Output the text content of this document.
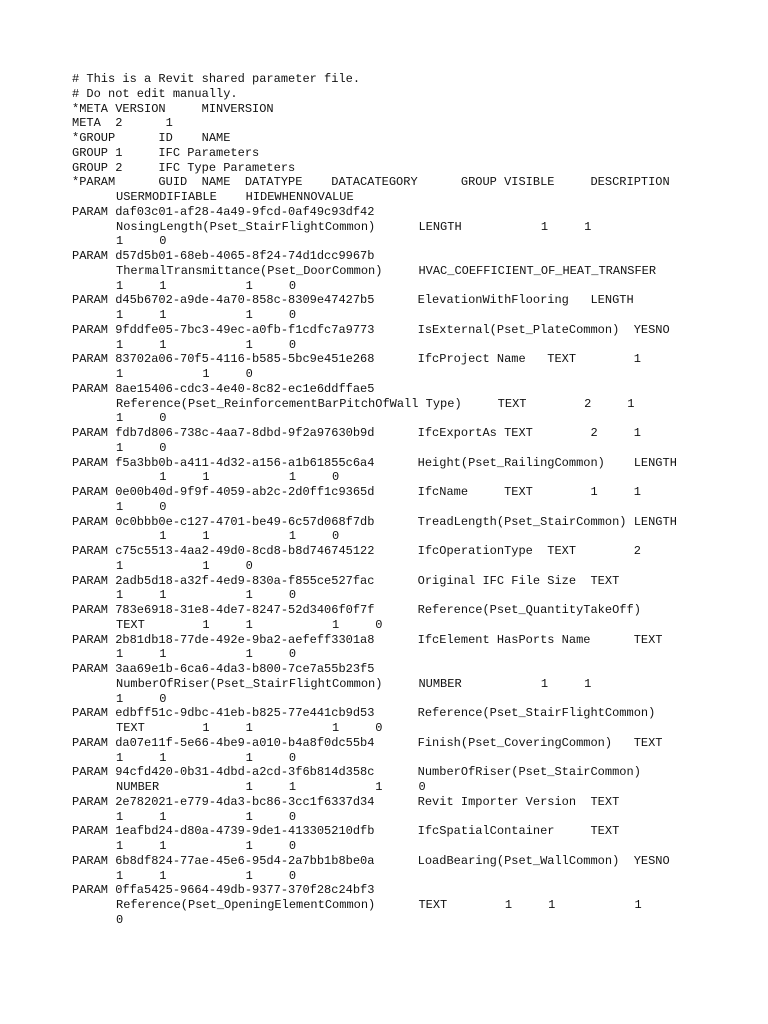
# This is a Revit shared parameter file.
# Do not edit manually.
*META VERSION     MINVERSION
META  2      1
*GROUP      ID    NAME
GROUP 1     IFC Parameters
GROUP 2     IFC Type Parameters
*PARAM      GUID  NAME  DATATYPE    DATACATEGORY      GROUP VISIBLE     DESCRIPTION
USERMODIFIABLE    HIDEWHENNOVALUE
PARAM daf03c01-af28-4a49-9fcd-0af49c93df42
NosingLength(Pset_StairFlightCommon)      LENGTH           1     1
1     0
PARAM d57d5b01-68eb-4065-8f24-74d1dcc9967b
ThermalTransmittance(Pset_DoorCommon)     HVAC_COEFFICIENT_OF_HEAT_TRANSFER
1     1           1     0
PARAM d45b6702-a9de-4a70-858c-8309e47427b5      ElevationWithFlooring   LENGTH
1     1           1     0
PARAM 9fddfe05-7bc3-49ec-a0fb-f1cdfc7a9773      IsExternal(Pset_PlateCommon)  YESNO
1     1           1     0
PARAM 83702a06-70f5-4116-b585-5bc9e451e268      IfcProject Name   TEXT        1
1           1     0
PARAM 8ae15406-cdc3-4e40-8c82-ec1e6ddffae5
Reference(Pset_ReinforcementBarPitchOfWall Type)     TEXT        2     1
1     0
PARAM fdb7d806-738c-4aa7-8dbd-9f2a97630b9d      IfcExportAs TEXT        2     1
1     0
PARAM f5a3bb0b-a411-4d32-a156-a1b61855c6a4      Height(Pset_RailingCommon)    LENGTH
1     1           1     0
PARAM 0e00b40d-9f9f-4059-ab2c-2d0ff1c9365d      IfcName     TEXT        1     1
1     0
PARAM 0c0bbb0e-c127-4701-be49-6c57d068f7db      TreadLength(Pset_StairCommon) LENGTH
1     1           1     0
PARAM c75c5513-4aa2-49d0-8cd8-b8d746745122      IfcOperationType  TEXT        2
1           1     0
PARAM 2adb5d18-a32f-4ed9-830a-f855ce527fac      Original IFC File Size  TEXT
1     1           1     0
PARAM 783e6918-31e8-4de7-8247-52d3406f0f7f      Reference(Pset_QuantityTakeOff)
TEXT        1     1           1     0
PARAM 2b81db18-77de-492e-9ba2-aefeff3301a8      IfcElement HasPorts Name      TEXT
1     1           1     0
PARAM 3aa69e1b-6ca6-4da3-b800-7ce7a55b23f5
NumberOfRiser(Pset_StairFlightCommon)     NUMBER           1     1
1     0
PARAM edbff51c-9dbc-41eb-b825-77e441cb9d53      Reference(Pset_StairFlightCommon)
TEXT        1     1           1     0
PARAM da07e11f-5e66-4be9-a010-b4a8f0dc55b4      Finish(Pset_CoveringCommon)   TEXT
1     1           1     0
PARAM 94cfd420-0b31-4dbd-a2cd-3f6b814d358c      NumberOfRiser(Pset_StairCommon)
NUMBER            1     1           1     0
PARAM 2e782021-e779-4da3-bc86-3cc1f6337d34      Revit Importer Version  TEXT
1     1           1     0
PARAM 1eafbd24-d80a-4739-9de1-413305210dfb      IfcSpatialContainer     TEXT
1     1           1     0
PARAM 6b8df824-77ae-45e6-95d4-2a7bb1b8be0a      LoadBearing(Pset_WallCommon)  YESNO
1     1           1     0
PARAM 0ffa5425-9664-49db-9377-370f28c24bf3
Reference(Pset_OpeningElementCommon)      TEXT        1     1           1
0
